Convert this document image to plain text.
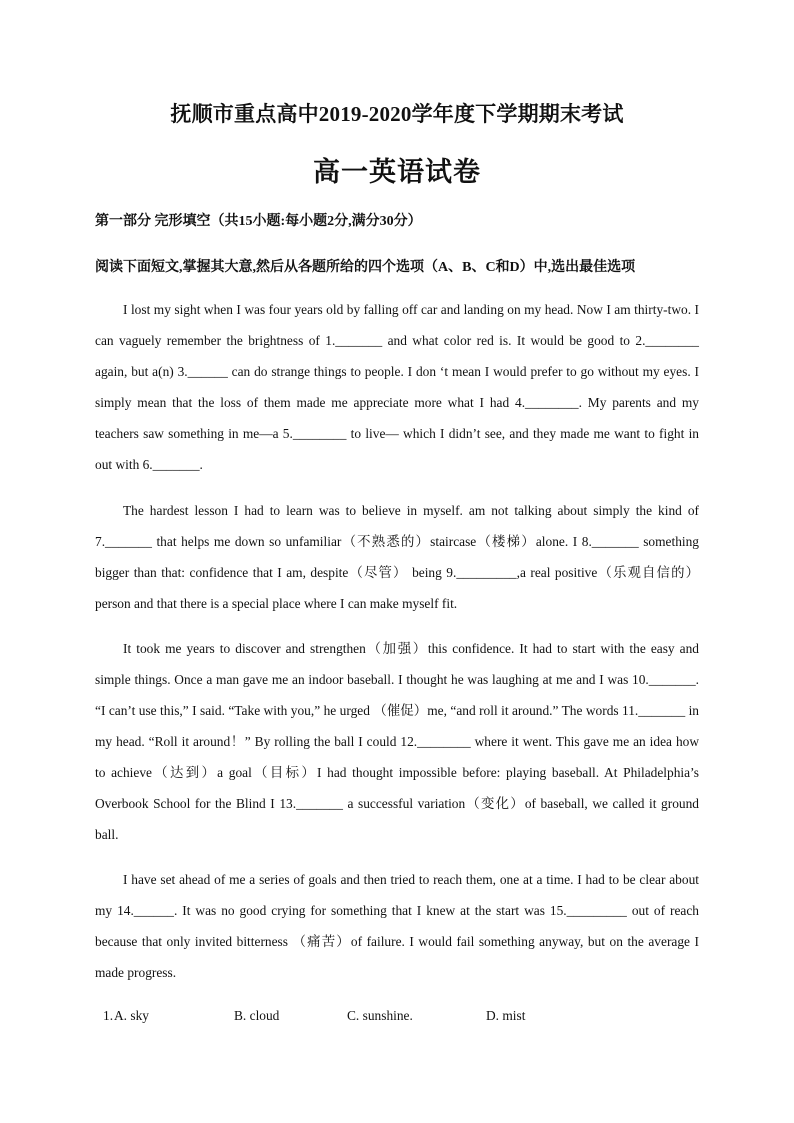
抚顺市重点高中2019-2020学年度下学期期末考试
高一英语试卷
第一部分 完形填空（共15小题:每小题2分,满分30分）
阅读下面短文,掌握其大意,然后从各题所给的四个选项（A、B、C和D）中,选出最佳选项

I lost my sight when I was four years old by falling off car and landing on my head. Now I am thirty-two. I can vaguely remember the brightness of 1._______ and what color red is. It would be good to 2.________ again, but a(n) 3.______ can do strange things to people. I don ‘t mean I would prefer to go without my eyes. I simply mean that the loss of them made me appreciate more what I had 4.________. My parents and my teachers saw something in me—a 5.________ to live— which I didn’t see, and they made me want to fight in out with 6._______.

The hardest lesson I had to learn was to believe in myself. am not talking about simply the kind of 7._______ that helps me down so unfamiliar（不熟悉的）staircase（楼梯）alone. I 8._______ something bigger than that: confidence that I am, despite（尽管） being 9._________,a real positive（乐观自信的）person and that there is a special place where I can make myself fit.

It took me years to discover and strengthen（加强）this confidence. It had to start with the easy and simple things. Once a man gave me an indoor baseball. I thought he was laughing at me and I was 10._______. “I can’t use this,” I said. “Take with you,” he urged （催促）me, “and roll it around.” The words 11._______ in my head. “Roll it around！” By rolling the ball I could 12.________ where it went. This gave me an idea how to achieve（达到）a goal（目标）I had thought impossible before: playing baseball. At Philadelphia’s Overbook School for the Blind I 13._______ a successful variation（变化）of baseball, we called it ground ball.

I have set ahead of me a series of goals and then tried to reach them, one at a time. I had to be clear about my 14.______. It was no good crying for something that I knew at the start was 15._________ out of reach because that only invited bitterness （痛苦）of failure. I would fail something anyway, but on the average I made progress.

1. A. sky	B. cloud	C. sunshine.	D. mist
